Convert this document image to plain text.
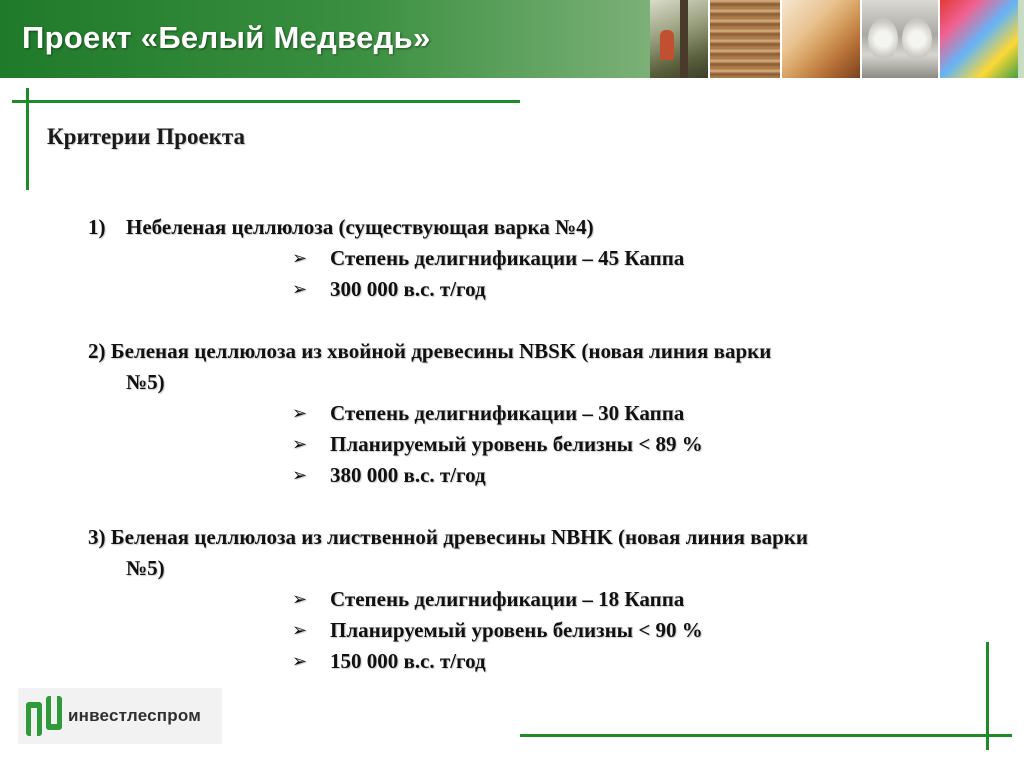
Проект «Белый Медведь»
Критерии Проекта
1) Небеленая целлюлоза (существующая варка №4)
➢ Степень делигнификации – 45 Каппа
➢ 300 000 в.с. т/год
2) Беленая целлюлоза из хвойной древесины NBSK (новая линия варки
№5)
➢ Степень делигнификации – 30 Каппа
➢ Планируемый уровень белизны < 89 %
➢ 380 000 в.с. т/год
3) Беленая целлюлоза из лиственной древесины NBHK (новая линия варки
№5)
➢ Степень делигнификации – 18 Каппа
➢ Планируемый уровень белизны < 90 %
➢ 150 000 в.с. т/год
инвестлеспром
